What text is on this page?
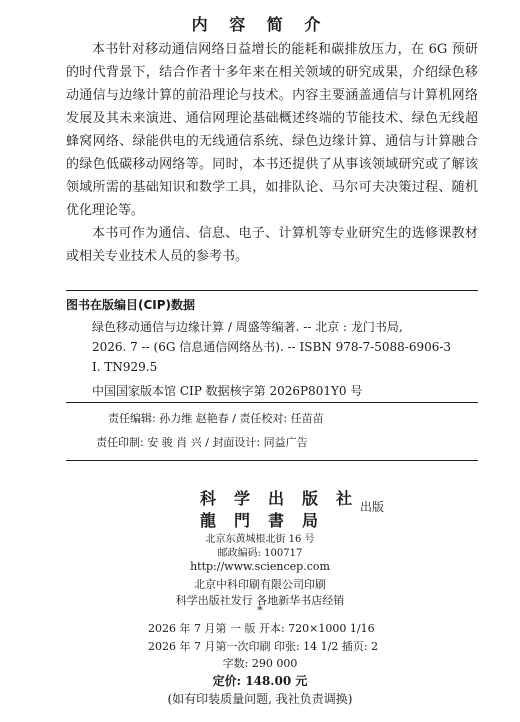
内 容 简 介

本书针对移动通信网络日益增长的能耗和碳排放压力，在 6G 预研的时代背景下，结合作者十多年来在相关领域的研究成果，介绍绿色移动通信与边缘计算的前沿理论与技术。内容主要涵盖通信与计算机网络发展及其未来演进、通信网理论基础概述终端的节能技术、绿色无线超蜂窝网络、绿能供电的无线通信系统、绿色边缘计算、通信与计算融合的绿色低碳移动网络等。同时，本书还提供了从事该领域研究或了解该领域所需的基础知识和数学工具，如排队论、马尔可夫决策过程、随机优化理论等。

本书可作为通信、信息、电子、计算机等专业研究生的选修课教材或相关专业技术人员的参考书。

图书在版编目(CIP)数据
绿色移动通信与边缘计算 / 周盛等编著. -- 北京 : 龙门书局,
2026. 7 -- (6G 信息通信网络丛书). -- ISBN 978-7-5088-6906-3
Ⅰ. TN929.5
中国国家版本馆 CIP 数据核字第 2026P801Y0 号
责任编辑: 孙力维 赵艳春 / 责任校对: 任苗苗
责任印制: 安 骏 肖 兴 / 封面设计: 同益广告
科学出版社
龍門書局
出版
北京东黄城根北街 16 号
邮政编码: 100717
http://www.sciencep.com
北京中科印刷有限公司印刷
科学出版社发行 各地新华书店经销
*
2026 年 7 月第 一 版 开本: 720×1000 1/16
2026 年 7 月第一次印刷 印张: 14 1/2 插页: 2
字数: 290 000
定价: 148.00 元
(如有印装质量问题, 我社负责调换)
